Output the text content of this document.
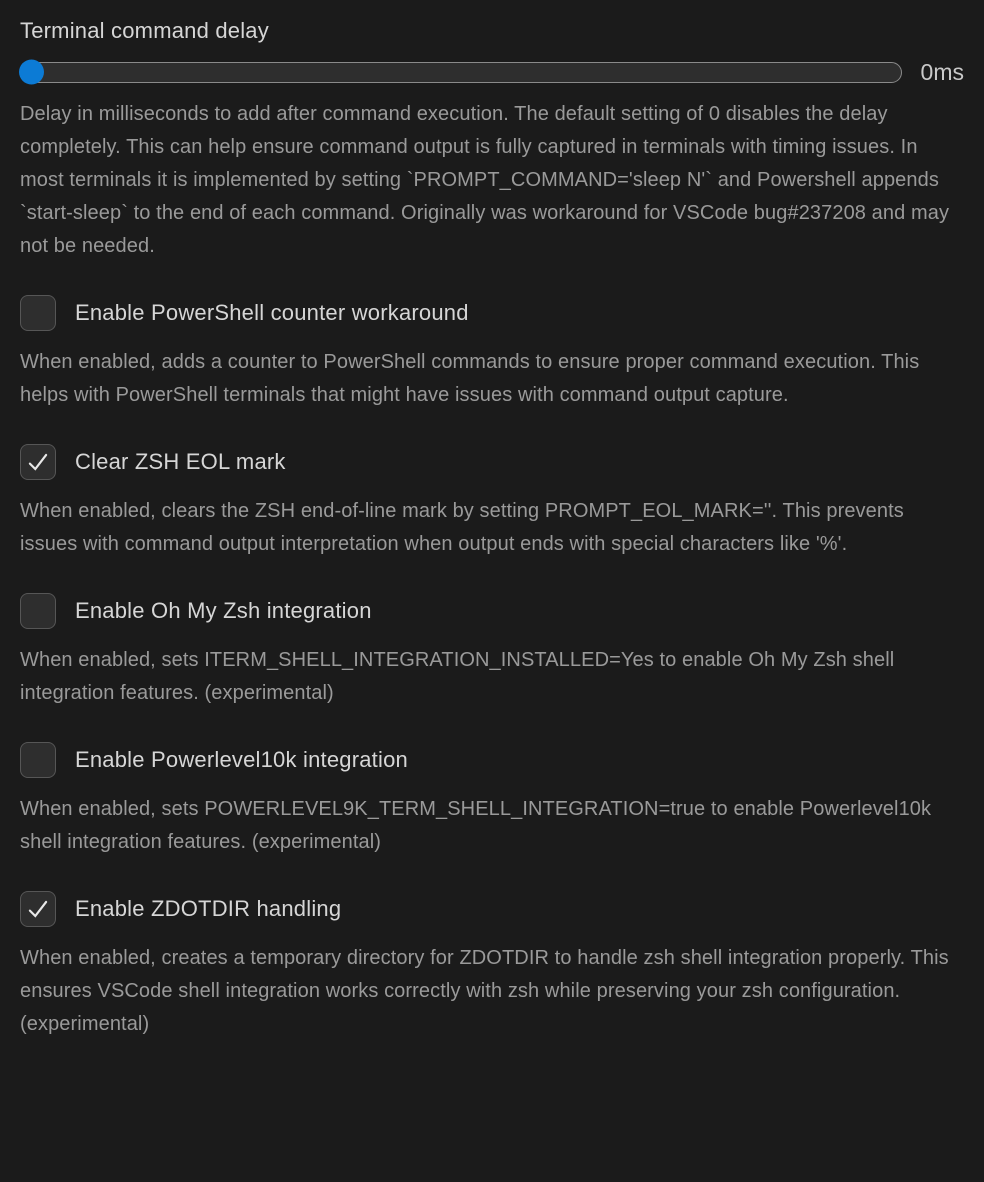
Terminal command delay
0ms

Delay in milliseconds to add after command execution. The default setting of 0 disables the delay completely. This can help ensure command output is fully captured in terminals with timing issues. In most terminals it is implemented by setting `PROMPT_COMMAND='sleep N'` and Powershell appends `start-sleep` to the end of each command. Originally was workaround for VSCode bug#237208 and may not be needed.

Enable PowerShell counter workaround

When enabled, adds a counter to PowerShell commands to ensure proper command execution. This helps with PowerShell terminals that might have issues with command output capture.

Clear ZSH EOL mark

When enabled, clears the ZSH end-of-line mark by setting PROMPT_EOL_MARK=''. This prevents issues with command output interpretation when output ends with special characters like '%'.

Enable Oh My Zsh integration

When enabled, sets ITERM_SHELL_INTEGRATION_INSTALLED=Yes to enable Oh My Zsh shell integration features. (experimental)

Enable Powerlevel10k integration

When enabled, sets POWERLEVEL9K_TERM_SHELL_INTEGRATION=true to enable Powerlevel10k shell integration features. (experimental)

Enable ZDOTDIR handling

When enabled, creates a temporary directory for ZDOTDIR to handle zsh shell integration properly. This ensures VSCode shell integration works correctly with zsh while preserving your zsh configuration. (experimental)
